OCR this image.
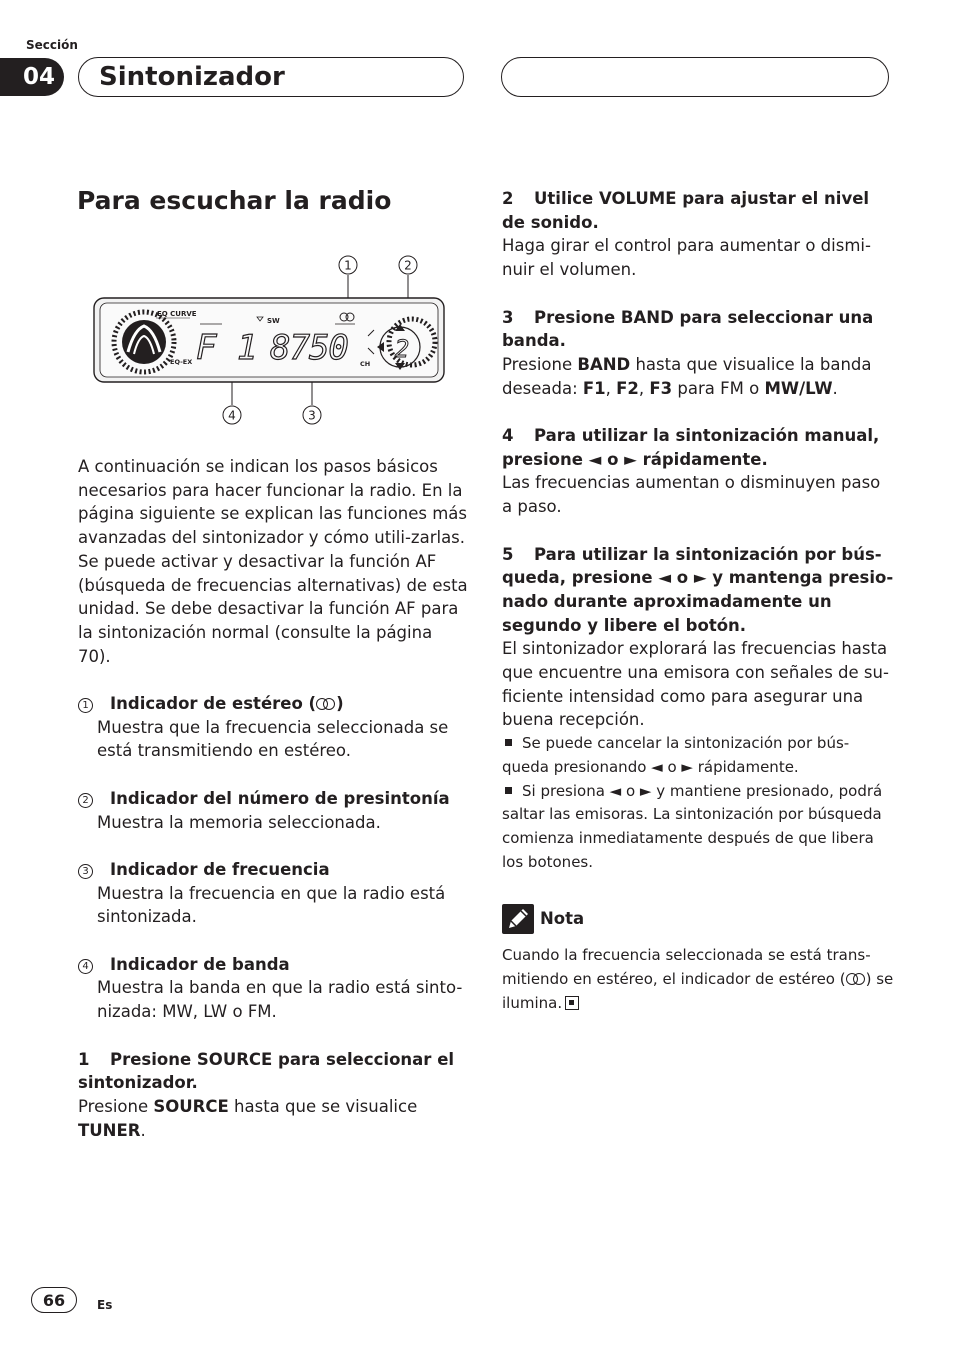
Sección
04	Sintonizador
Para escuchar la radio
1	2
4	3
EQ CURVE
EQ-EX
SW
F 1 8750 CH
2

A continuación se indican los pasos básicos necesarios para hacer funcionar la radio. En la página siguiente se explican las funciones más avanzadas del sintonizador y cómo utili-zarlas.

Se puede activar y desactivar la función AF (búsqueda de frecuencias alternativas) de esta unidad. Se debe desactivar la función AF para la sintonización normal (consulte la página 70).

1	Indicador de estéreo ( )

Muestra que la frecuencia seleccionada se está transmitiendo en estéreo.

2	Indicador del número de presintonía

Muestra la memoria seleccionada.

3	Indicador de frecuencia

Muestra la frecuencia en que la radio está sintonizada.

4	Indicador de banda

Muestra la banda en que la radio está sinto-nizada: MW, LW o FM.

1 Presione SOURCE para seleccionar el sintonizador.

Presione SOURCE hasta que se visualice TUNER.

2 Utilice VOLUME para ajustar el nivel de sonido.

Haga girar el control para aumentar o dismi-nuir el volumen.

3 Presione BAND para seleccionar una banda.

Presione BAND hasta que visualice la banda deseada: F1, F2, F3 para FM o MW/LW.

4 Para utilizar la sintonización manual, presione ◄ o ► rápidamente.

Las frecuencias aumentan o disminuyen paso a paso.

5 Para utilizar la sintonización por bús-queda, presione ◄ o ► y mantenga presio-nado durante aproximadamente un segundo y libere el botón.

El sintonizador explorará las frecuencias hasta que encuentre una emisora con señales de su-ficiente intensidad como para asegurar una buena recepción.

Se puede cancelar la sintonización por bús-queda presionando ◄ o ► rápidamente.

Si presiona ◄ o ► y mantiene presionado, podrá saltar las emisoras. La sintonización por búsqueda comienza inmediatamente después de que libera los botones.

Nota

Cuando la frecuencia seleccionada se está trans-mitiendo en estéreo, el indicador de estéreo ( ) se ilumina.

66	Es
